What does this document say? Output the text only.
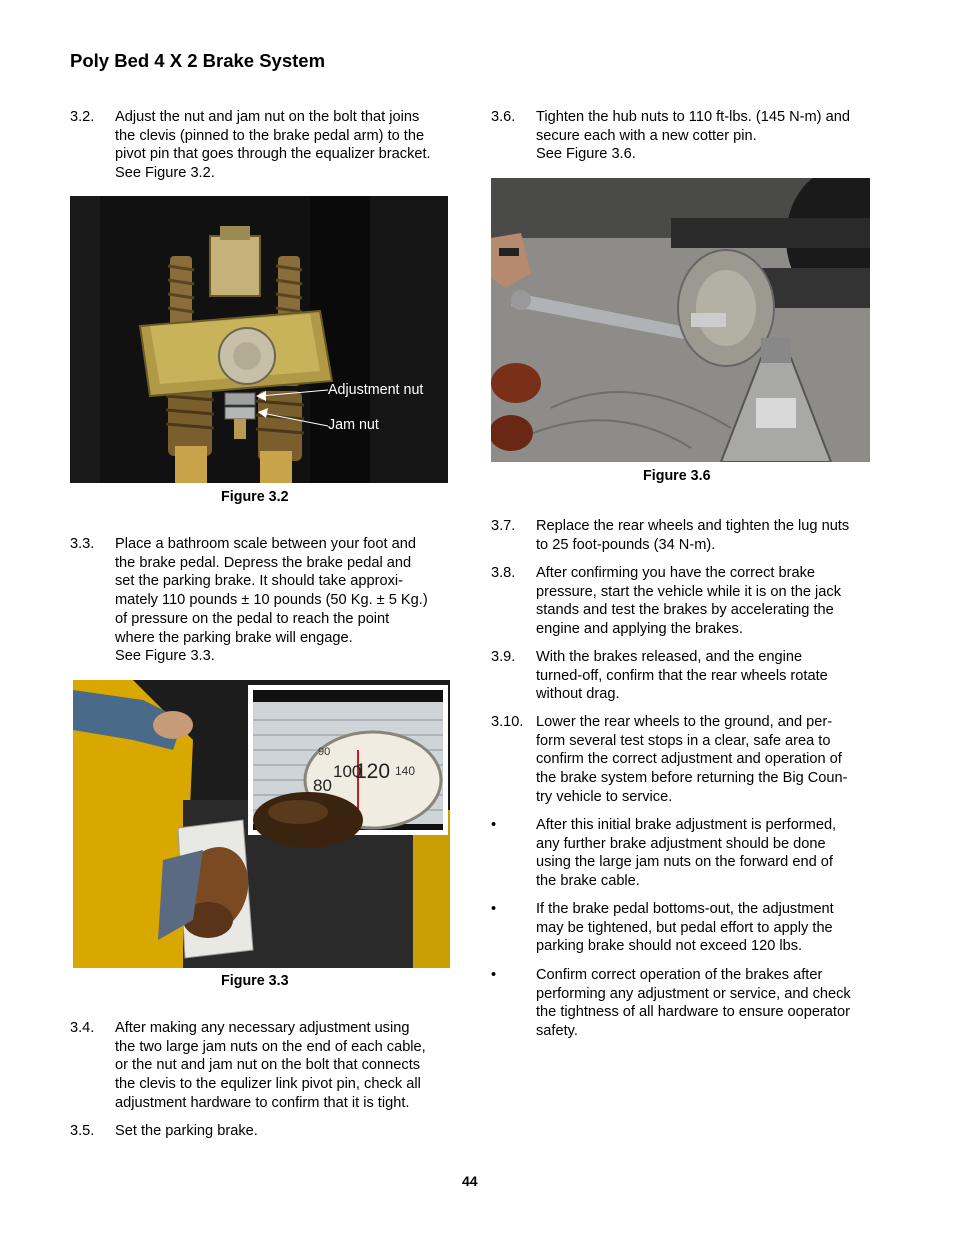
Poly Bed 4 X 2 Brake System
3.2. Adjust the nut and jam nut on the bolt that joins
the clevis (pinned to the brake pedal arm) to the
pivot pin that goes through the equalizer bracket.
See Figure 3.2.
Adjustment nut
Jam nut
Figure 3.2
3.3. Place a bathroom scale between your foot and
the brake pedal. Depress the brake pedal and
set the parking brake. It should take approxi-
mately 110 pounds ± 10 pounds (50 Kg. ± 5 Kg.)
of pressure on the pedal to reach the point
where the parking brake will engage.
See Figure 3.3.
90
100
120 140
80
Figure 3.3
3.4. After making any necessary adjustment using
the two large jam nuts on the end of each cable,
or the nut and jam nut on the bolt that connects
the clevis to the equlizer link pivot pin, check all
adjustment hardware to confirm that it is tight.
3.5. Set the parking brake.
3.6. Tighten the hub nuts to 110 ft-lbs. (145 N-m) and
secure each with a new cotter pin.
See Figure 3.6.
Figure 3.6
3.7. Replace the rear wheels and tighten the lug nuts
to 25 foot-pounds (34 N-m).
3.8. After confirming you have the correct brake
pressure, start the vehicle while it is on the jack
stands and test the brakes by accelerating the
engine and applying the brakes.
3.9. With the brakes released, and the engine
turned-off, confirm that the rear wheels rotate
without drag.
3.10. Lower the rear wheels to the ground, and per-
form several test stops in a clear, safe area to
confirm the correct adjustment and operation of
the brake system before returning the Big Coun-
try vehicle to service.
•	After this initial brake adjustment is performed,
any further brake adjustment should be done
using the large jam nuts on the forward end of
the brake cable.
•	If the brake pedal bottoms-out, the adjustment
may be tightened, but pedal effort to apply the
parking brake should not exceed 120 lbs.
•	Confirm correct operation of the brakes after
performing any adjustment or service, and check
the tightness of all hardware to ensure ooperator
safety.
44
